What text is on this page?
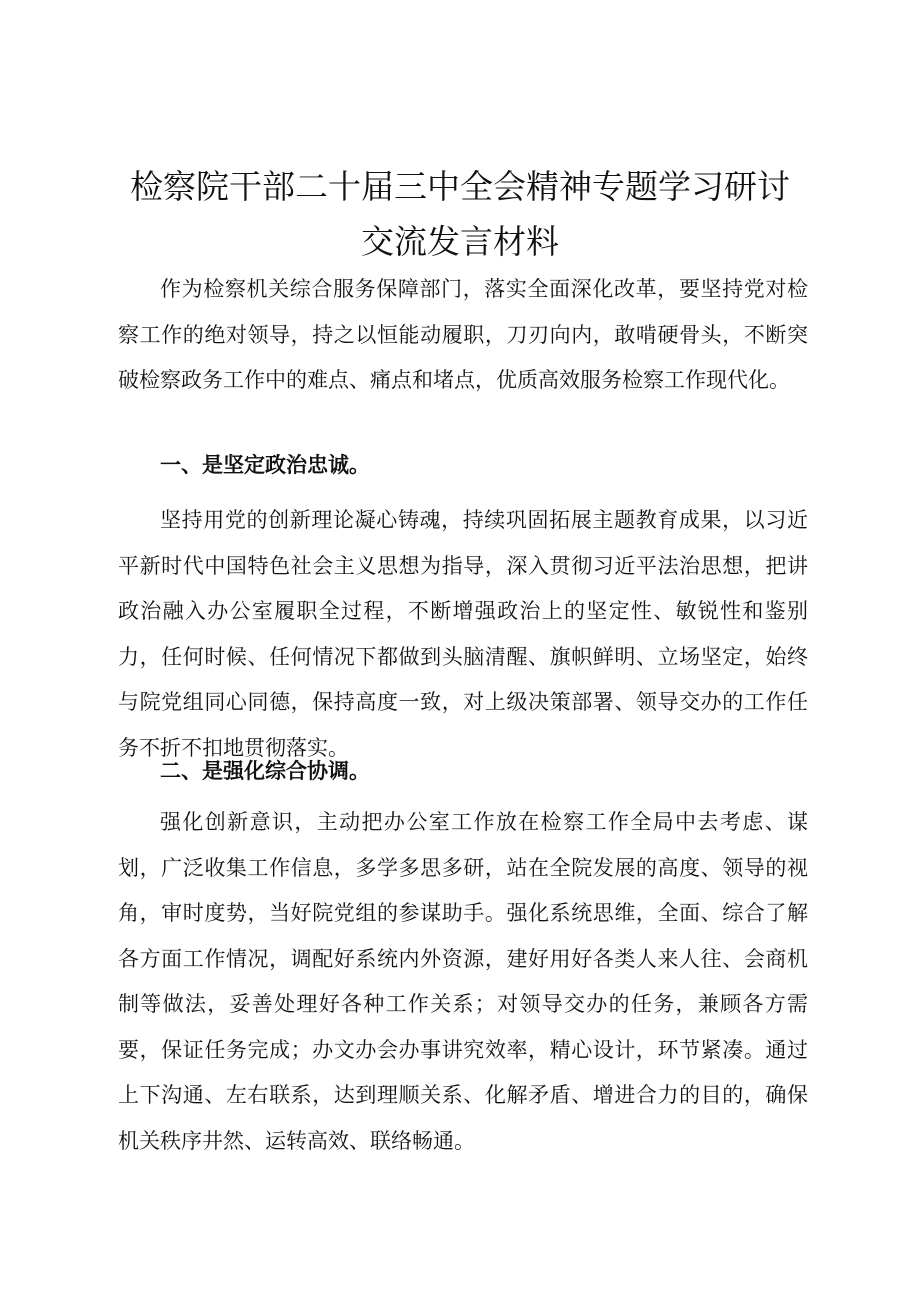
检察院干部二十届三中全会精神专题学习研讨
交流发言材料

作为检察机关综合服务保障部门，落实全面深化改革，要坚持党对检察工作的绝对领导，持之以恒能动履职，刀刃向内，敢啃硬骨头，不断突破检察政务工作中的难点、痛点和堵点，优质高效服务检察工作现代化。

一、是坚定政治忠诚。

坚持用党的创新理论凝心铸魂，持续巩固拓展主题教育成果，以习近平新时代中国特色社会主义思想为指导，深入贯彻习近平法治思想，把讲政治融入办公室履职全过程，不断增强政治上的坚定性、敏锐性和鉴别力，任何时候、任何情况下都做到头脑清醒、旗帜鲜明、立场坚定，始终与院党组同心同德，保持高度一致，对上级决策部署、领导交办的工作任务不折不扣地贯彻落实。

二、是强化综合协调。

强化创新意识，主动把办公室工作放在检察工作全局中去考虑、谋划，广泛收集工作信息，多学多思多研，站在全院发展的高度、领导的视角，审时度势，当好院党组的参谋助手。强化系统思维，全面、综合了解各方面工作情况，调配好系统内外资源，建好用好各类人来人往、会商机制等做法，妥善处理好各种工作关系；对领导交办的任务，兼顾各方需要，保证任务完成；办文办会办事讲究效率，精心设计，环节紧凑。通过上下沟通、左右联系，达到理顺关系、化解矛盾、增进合力的目的，确保机关秩序井然、运转高效、联络畅通。
